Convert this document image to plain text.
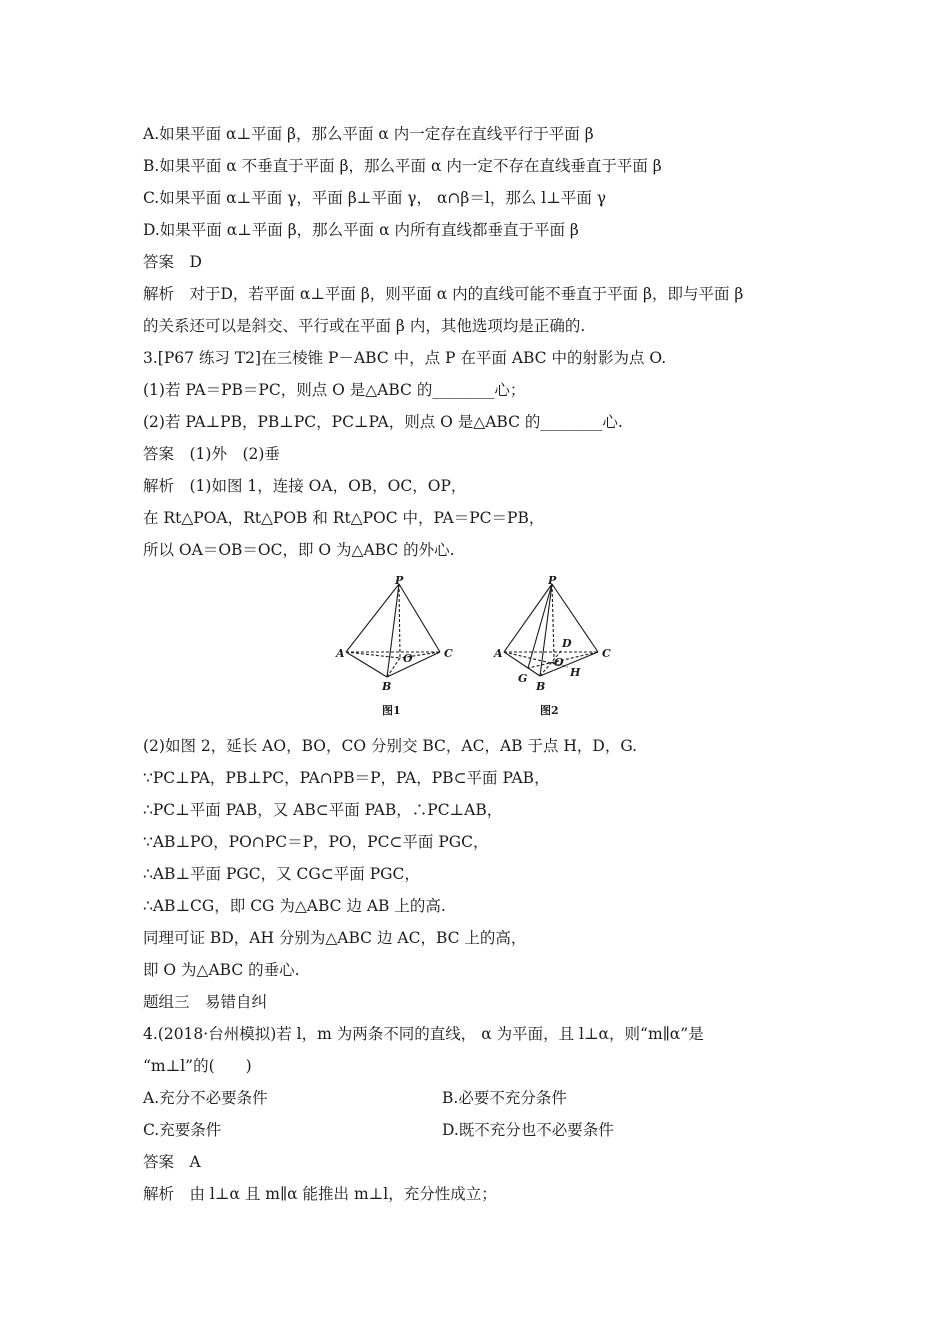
A.如果平面 α⊥平面 β，那么平面 α 内一定存在直线平行于平面 β
B.如果平面 α 不垂直于平面 β，那么平面 α 内一定不存在直线垂直于平面 β
C.如果平面 α⊥平面 γ，平面 β⊥平面 γ， α∩β＝l，那么 l⊥平面 γ
D.如果平面 α⊥平面 β，那么平面 α 内所有直线都垂直于平面 β
答案　D
解析　对于D，若平面 α⊥平面 β，则平面 α 内的直线可能不垂直于平面 β，即与平面 β
的关系还可以是斜交、平行或在平面 β 内，其他选项均是正确的.
3.[P67 练习 T2]在三棱锥 P－ABC 中，点 P 在平面 ABC 中的射影为点 O.
(1)若 PA＝PB＝PC，则点 O 是△ABC 的________心；
(2)若 PA⊥PB，PB⊥PC，PC⊥PA，则点 O 是△ABC 的________心.
答案　(1)外　(2)垂
解析　(1)如图 1，连接 OA，OB，OC，OP，
在 Rt△POA，Rt△POB 和 Rt△POC 中，PA＝PC＝PB，
所以 OA＝OB＝OC，即 O 为△ABC 的外心.
P
A	C
B
O
图1
P
A	C
B
D
O
G	H
图2
(2)如图 2，延长 AO，BO，CO 分别交 BC，AC，AB 于点 H，D，G.
∵PC⊥PA，PB⊥PC，PA∩PB＝P，PA，PB⊂平面 PAB，
∴PC⊥平面 PAB，又 AB⊂平面 PAB，∴PC⊥AB，
∵AB⊥PO，PO∩PC＝P，PO，PC⊂平面 PGC，
∴AB⊥平面 PGC，又 CG⊂平面 PGC，
∴AB⊥CG，即 CG 为△ABC 边 AB 上的高.
同理可证 BD，AH 分别为△ABC 边 AC，BC 上的高，
即 O 为△ABC 的垂心.
题组三　易错自纠
4.(2018·台州模拟)若 l，m 为两条不同的直线， α 为平面，且 l⊥α，则“m∥α”是
“m⊥l”的(　　)
A.充分不必要条件	B.必要不充分条件
C.充要条件	D.既不充分也不必要条件
答案　A
解析　由 l⊥α 且 m∥α 能推出 m⊥l，充分性成立；
